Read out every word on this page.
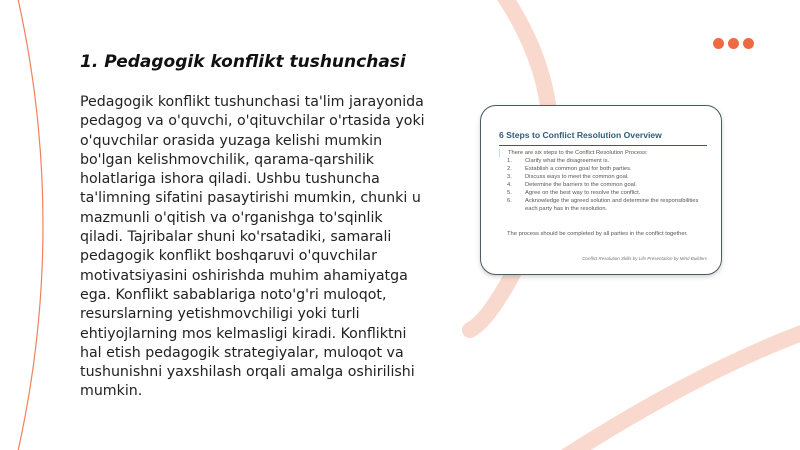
1. Pedagogik konflikt tushunchasi

Pedagogik konflikt tushunchasi ta'lim jarayonida pedagog va o'quvchi, o'qituvchilar o'rtasida yoki o'quvchilar orasida yuzaga kelishi mumkin bo'lgan kelishmovchilik, qarama-qarshilik holatlariga ishora qiladi. Ushbu tushuncha ta'limning sifatini pasaytirishi mumkin, chunki u mazmunli o'qitish va o'rganishga to'sqinlik qiladi. Tajribalar shuni ko'rsatadiki, samarali pedagogik konflikt boshqaruvi o'quvchilar motivatsiyasini oshirishda muhim ahamiyatga ega. Konflikt sabablariga noto'g'ri muloqot, resurslarning yetishmovchiligi yoki turli ehtiyojlarning mos kelmasligi kiradi. Konfliktni hal etish pedagogik strategiyalar, muloqot va tushunishni yaxshilash orqali amalga oshirilishi mumkin.

6 Steps to Conflict Resolution Overview
There are six steps to the Conflict Resolution Process:
1.	Clarify what the disagreement is.
2.	Establish a common goal for both parties.
3.	Discuss ways to meet the common goal.
4.	Determine the barriers to the common goal.
5.	Agree on the best way to resolve the conflict.
6.	Acknowledge the agreed solution and determine the responsibilities each party has in the resolution.
The process should be completed by all parties in the conflict together.
Conflict Resolution Skills by Life Presentation by Mind Builders
